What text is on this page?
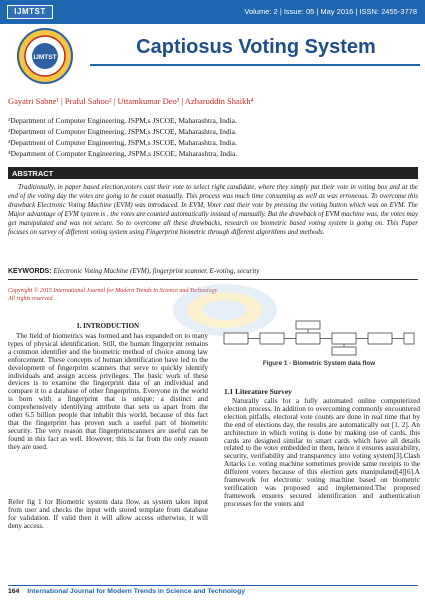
IJMTST	Volume: 2 | Issue: 05 | May 2016 | ISSN: 2455-3778
IJMTST	Captiosus Voting System
Gayatri Sabne¹ | Praful Sahoo² | Uttamkumar Deo³ | Azharuddin Shaikh⁴
¹Department of Computer Engineering, JSPM,s JSCOE, Maharashtra, India.
²Department of Computer Engineering, JSPM,s JSCOE, Maharashtra, India.
³Department of Computer Engineering, JSPM,s JSCOE, Maharashtra, India.
⁴Department of Computer Engineering, JSPM,s JSCOE, Maharashtra, India.
ABSTRACT
Traditionally, in paper based election,voters cast their vote to select right candidate, where they simply put their vote in voting box and at the end of the voting day the votes are going to be count manually. This process was much time consuming as well as was erroneous. To overcome this drawback Electronic Voting Machine (EVM) was introduced. In EVM, Voter cast their vote by pressing the voting button which was on EVM. The Major advantage of EVM system is , the votes are counted automatically instead of manually. But the drawback of EVM machine was, the votes may get manipulated and was not secure. So to overcome all these drawbacks, research on biometric based voting system is going on. This Paper focuses on survey of different voting system using Fingerprint biometric through different algorithms and methods.
KEYWORDS: Electronic Voting Machine (EVM), fingerprint scanner, E-voting, security
Copyright © 2015 International Journal for Modern Trends in Science and Technology
All rights reserved.
I. INTRODUCTION
The field of biometrics was formed and has expanded on to many types of physical identification. Still, the human fingerprint remains a common identifier and the biometric method of choice among law enforcement. These concepts of human identification have led to the development of fingerprint scanners that serve to quickly identify individuals and assign access privileges. The basic work of these devices is to examine the fingerprint data of an individual and compare it to a database of other fingerprints. Everyone in the world is born with a fingerprint that is unique; a distinct and comprehensively identifying attribute that sets us apart from the other 6.5 billion people that inhabit this world, because of this fact that the fingerprint has proven such a useful part of biometric security. The very reason that fingerprintscanners are useful can be found in this fact as well. However, this is far from the only reason they are used.
Refer fig 1 for Biometric system data flow, as system takes input from user and checks the input with stored template from database for validation. If valid then it will allow access otherwise, it will deny access.
Figure 1 - Biometric System data flow
1.1 Literature Survey
Naturally calls for a fully automated online computerized election process. In addition to overcoming commonly encountered election pitfalls, electoral vote counts are done in real time that by the end of elections day, the results are automatically out [1, 2]. An architecture in which voting is done by making use of cards, this cards are designed similar to smart cards which have all details related to the voter embedded in them, hence it ensures assurability, security, verifiability and transparency into voting system[3].Clash Attacks i.e. voting machine sometimes provide same receipts to the different voters because of this election gets manipulated[4][6].A framework for electronic voting machine based on biometric verification was proposed and implemented.The proposed framework ensures secured identification and authentication processes for the voters and
164 International Journal for Modern Trends in Science and Technology
